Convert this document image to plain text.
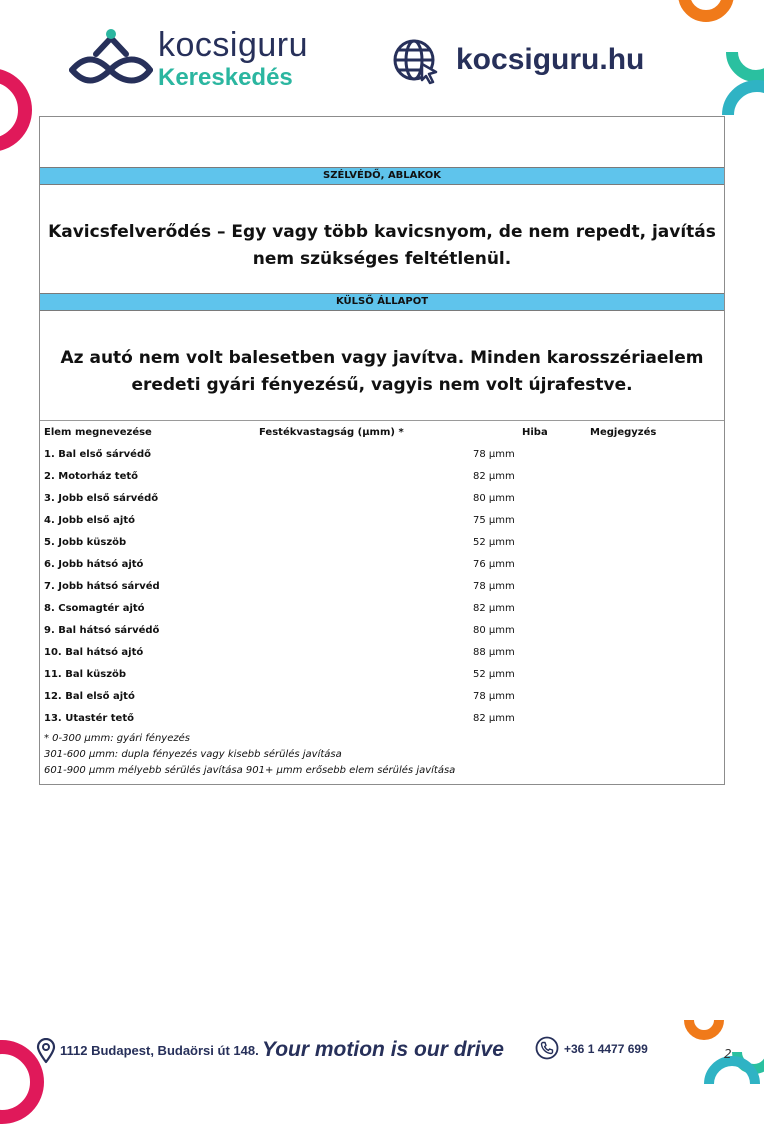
kocsiguru
Kereskedés
kocsiguru.hu
SZÉLVÉDŐ, ABLAKOK
Kavicsfelverődés – Egy vagy több kavicsnyom, de nem repedt, javítás nem szükséges feltétlenül.
KÜLSŐ ÁLLAPOT
Az autó nem volt balesetben vagy javítva. Minden karosszériaelem eredeti gyári fényezésű, vagyis nem volt újrafestve.
Elem megnevezése	Festékvastagság (µmm) *	Hiba	Megjegyzés
1. Bal első sárvédő	78 µmm
2. Motorház tető	82 µmm
3. Jobb első sárvédő	80 µmm
4. Jobb első ajtó	75 µmm
5. Jobb küszöb	52 µmm
6. Jobb hátsó ajtó	76 µmm
7. Jobb hátsó sárvéd	78 µmm
8. Csomagtér ajtó	82 µmm
9. Bal hátsó sárvédő	80 µmm
10. Bal hátsó ajtó	88 µmm
11. Bal küszöb	52 µmm
12. Bal első ajtó	78 µmm
13. Utastér tető	82 µmm
* 0-300 µmm: gyári fényezés
301-600 µmm: dupla fényezés vagy kisebb sérülés javítása
601-900 µmm mélyebb sérülés javítása 901+ µmm erősebb elem sérülés javítása
1112 Budapest, Budaörsi út 148. Your motion is our drive	+36 1 4477 699	2
